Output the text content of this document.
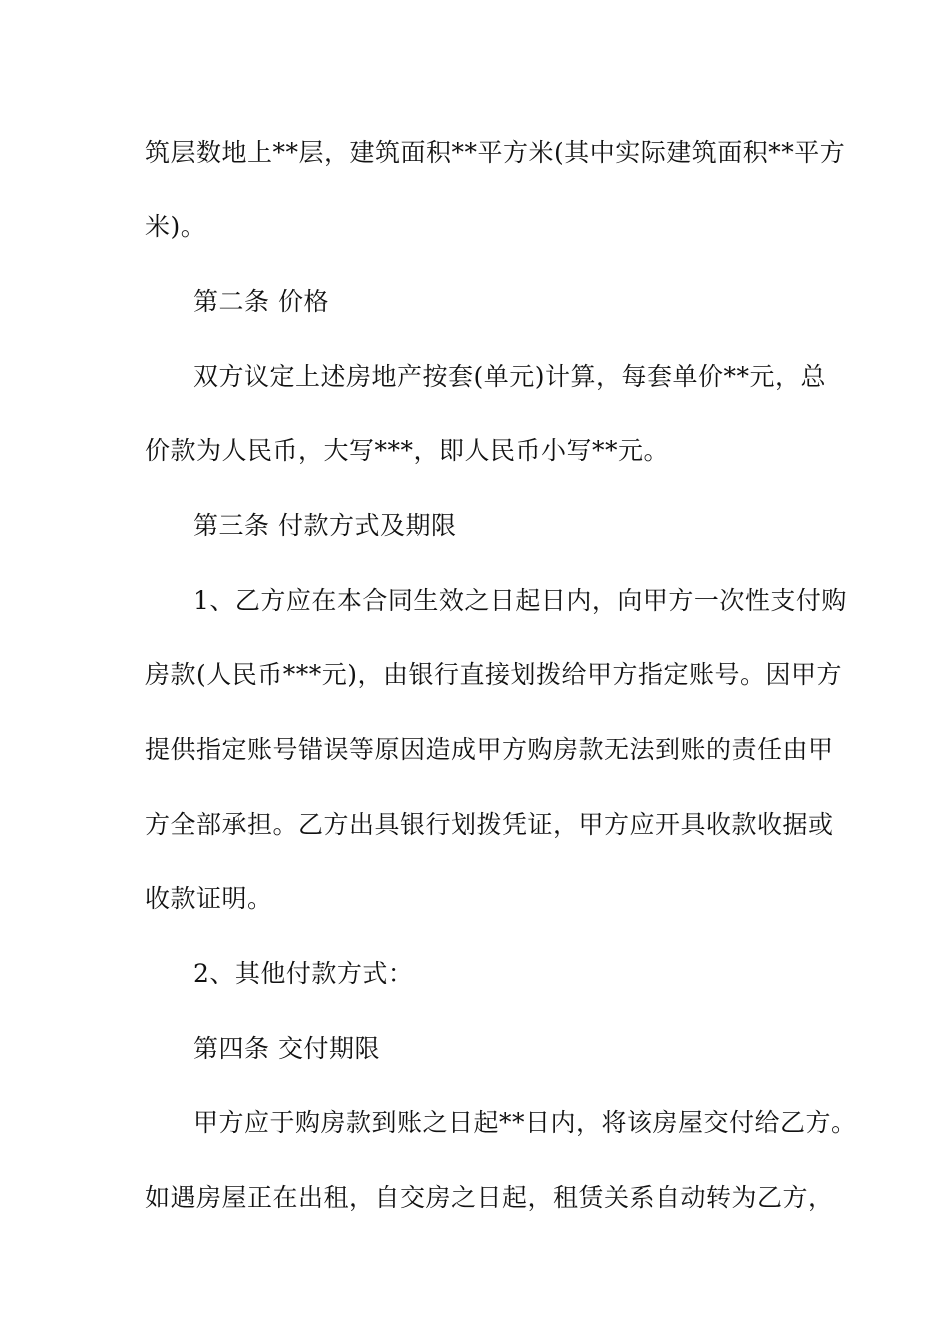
筑层数地上**层，建筑面积**平方米(其中实际建筑面积**平方
米)。
第二条 价格
双方议定上述房地产按套(单元)计算，每套单价**元，总
价款为人民币，大写***，即人民币小写**元。
第三条 付款方式及期限
1、乙方应在本合同生效之日起日内，向甲方一次性支付购
房款(人民币***元)，由银行直接划拨给甲方指定账号。因甲方
提供指定账号错误等原因造成甲方购房款无法到账的责任由甲
方全部承担。乙方出具银行划拨凭证，甲方应开具收款收据或
收款证明。
2、其他付款方式：
第四条 交付期限
甲方应于购房款到账之日起**日内，将该房屋交付给乙方。
如遇房屋正在出租，自交房之日起，租赁关系自动转为乙方，
